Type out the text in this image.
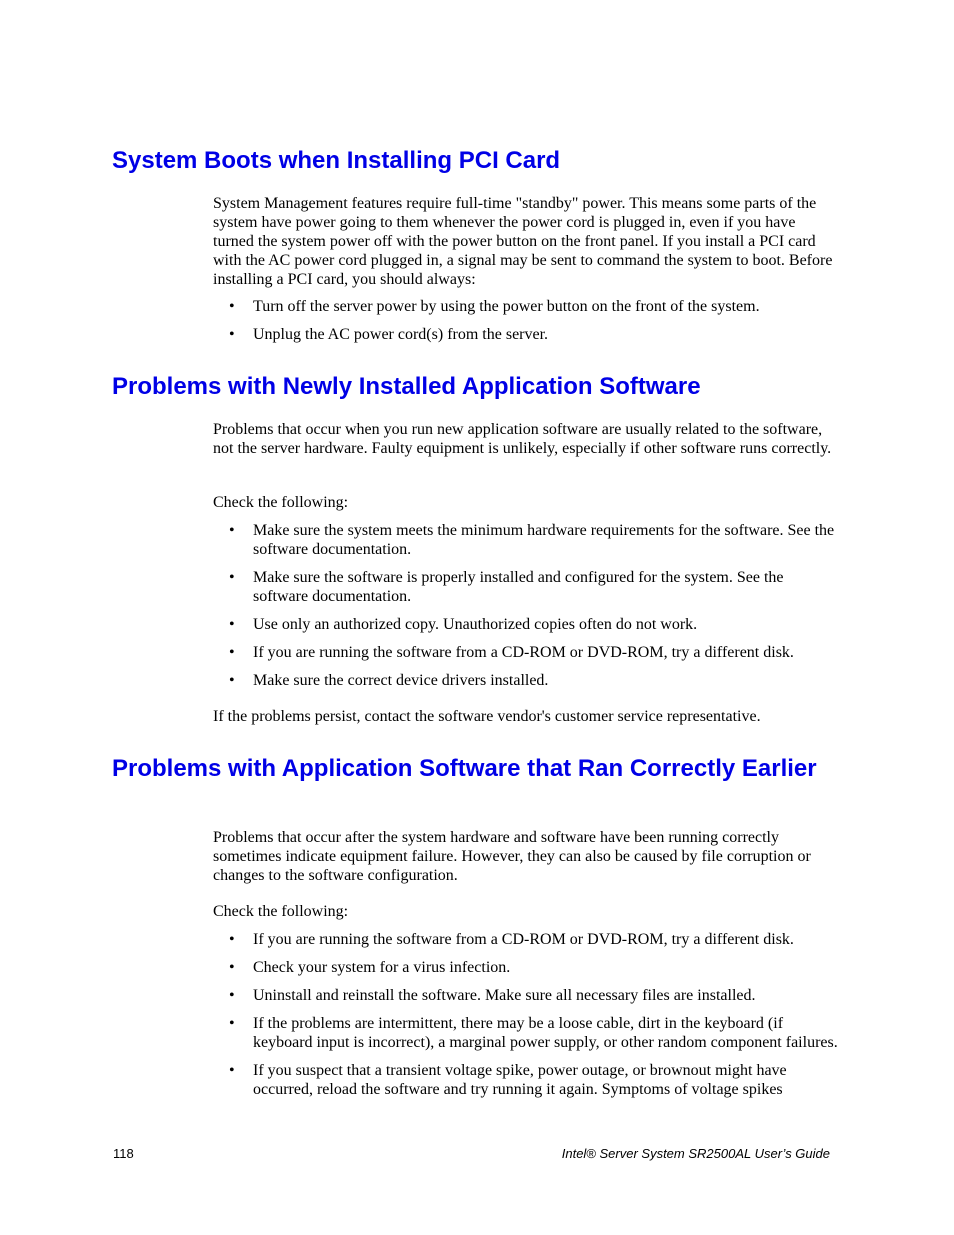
System Boots when Installing PCI Card

System Management features require full-time "standby" power. This means some parts of the system have power going to them whenever the power cord is plugged in, even if you have turned the system power off with the power button on the front panel. If you install a PCI card with the AC power cord plugged in, a signal may be sent to command the system to boot. Before installing a PCI card, you should always:

• Turn off the server power by using the power button on the front of the system.
• Unplug the AC power cord(s) from the server.
Problems with Newly Installed Application Software

Problems that occur when you run new application software are usually related to the software, not the server hardware. Faulty equipment is unlikely, especially if other software runs correctly.

Check the following:

• Make sure the system meets the minimum hardware requirements for the software. See the software documentation.
• Make sure the software is properly installed and configured for the system. See the software documentation.
• Use only an authorized copy. Unauthorized copies often do not work.
• If you are running the software from a CD-ROM or DVD-ROM, try a different disk.
• Make sure the correct device drivers installed.

If the problems persist, contact the software vendor's customer service representative.

Problems with Application Software that Ran Correctly Earlier

Problems that occur after the system hardware and software have been running correctly sometimes indicate equipment failure. However, they can also be caused by file corruption or changes to the software configuration.

Check the following:

• If you are running the software from a CD-ROM or DVD-ROM, try a different disk.
• Check your system for a virus infection.
• Uninstall and reinstall the software. Make sure all necessary files are installed.
• If the problems are intermittent, there may be a loose cable, dirt in the keyboard (if keyboard input is incorrect), a marginal power supply, or other random component failures.
• If you suspect that a transient voltage spike, power outage, or brownout might have occurred, reload the software and try running it again. Symptoms of voltage spikes
118	Intel® Server System SR2500AL User’s Guide
